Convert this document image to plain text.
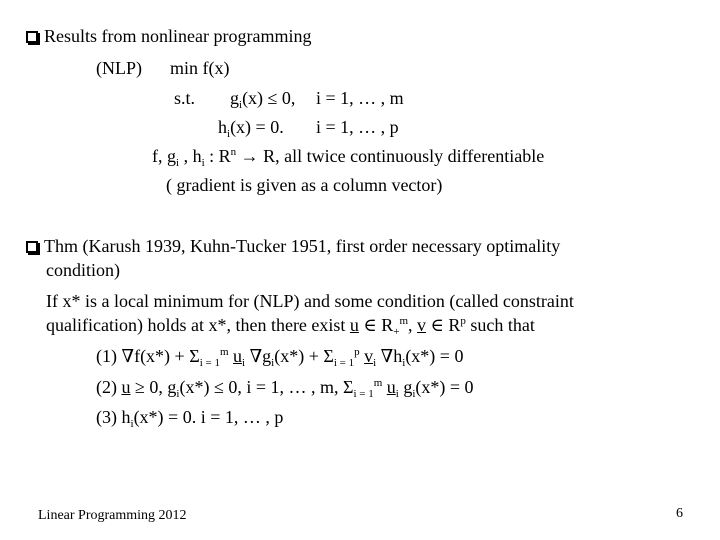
Results from nonlinear programming
(NLP) min f(x)
s.t. $g_i(x) \le 0$, i = 1, … , m
$h_i(x) = 0$. i = 1, … , p
f, $g_i$ , $h_i$ : $R^n \to R$, all twice continuously differentiable
( gradient is given as a column vector)
Thm (Karush 1939, Kuhn-Tucker 1951, first order necessary optimality
condition)
If x* is a local minimum for (NLP) and some condition (called constraint
qualification) holds at x*, then there exist u ∈ $R_+^m$, v ∈ $R^p$ such that
(1) $\nabla f(x*) + \Sigma_{i = 1}^m$ $u_i$ $\nabla g_i(x*) + \Sigma_{i = 1}^p$ $v_i$ $\nabla h_i(x*) = 0$
(2) u ≥ 0, $g_i(x*) \le 0$, i = 1, … , m, $\Sigma_{i = 1}^m$ $u_i$ $g_i(x*) = 0$
(3) $h_i(x*) = 0$. i = 1, … , p
Linear Programming 2012	6
